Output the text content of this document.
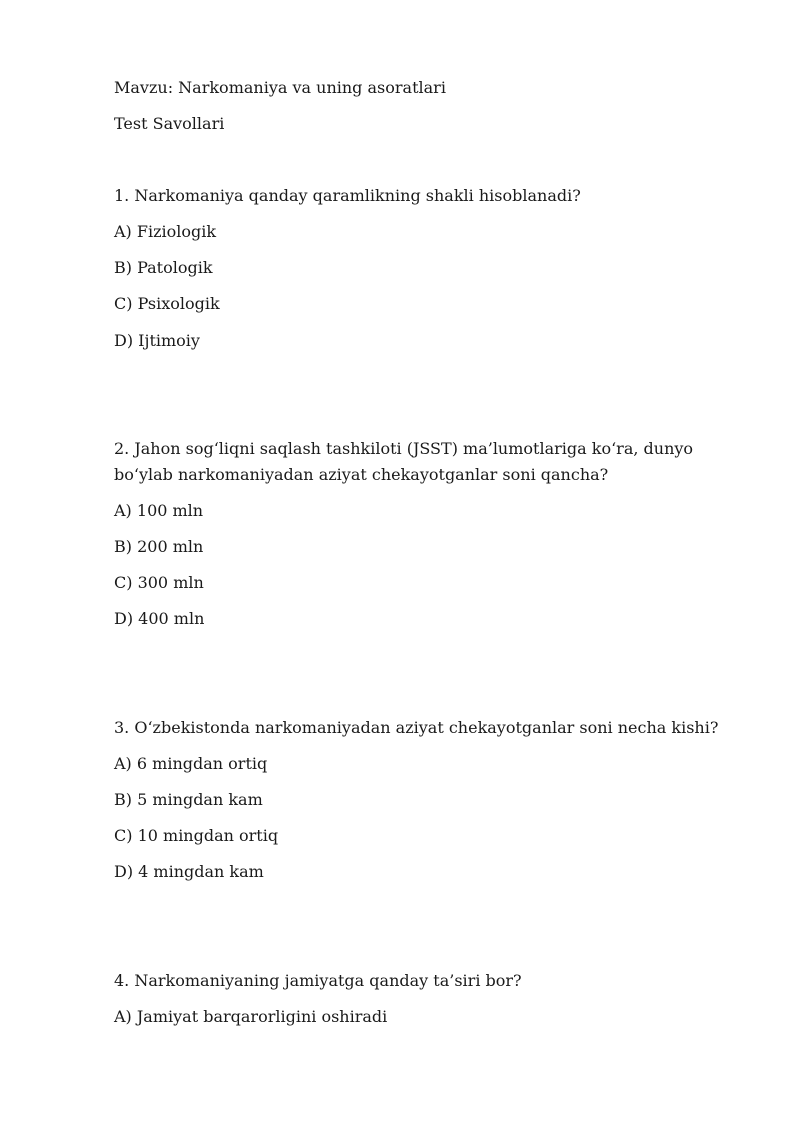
Mavzu: Narkomaniya va uning asoratlari
Test Savollari
1. Narkomaniya qanday qaramlikning shakli hisoblanadi?
A) Fiziologik
B) Patologik
C) Psixologik
D) Ijtimoiy
2. Jahon sog‘liqni saqlash tashkiloti (JSST) ma’lumotlariga ko‘ra, dunyo bo‘ylab narkomaniyadan aziyat chekayotganlar soni qancha?
A) 100 mln
B) 200 mln
C) 300 mln
D) 400 mln
3. O‘zbekistonda narkomaniyadan aziyat chekayotganlar soni necha kishi?
A) 6 mingdan ortiq
B) 5 mingdan kam
C) 10 mingdan ortiq
D) 4 mingdan kam
4. Narkomaniyaning jamiyatga qanday ta’siri bor?
A) Jamiyat barqarorligini oshiradi
